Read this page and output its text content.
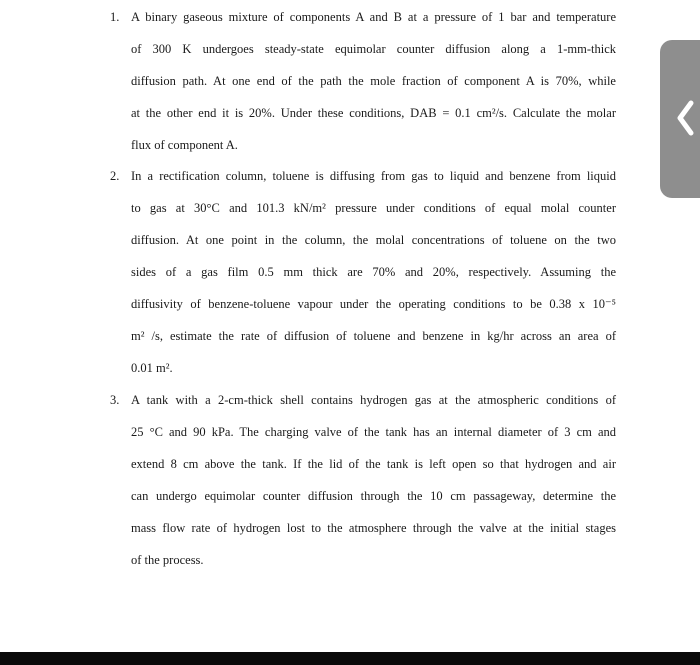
1. A binary gaseous mixture of components A and B at a pressure of 1 bar and temperature
of 300 K undergoes steady-state equimolar counter diffusion along a 1-mm-thick
diffusion path. At one end of the path the mole fraction of component A is 70%, while
at the other end it is 20%. Under these conditions, DAB = 0.1 cm²/s. Calculate the molar
flux of component A.
2. In a rectification column, toluene is diffusing from gas to liquid and benzene from liquid
to gas at 30°C and 101.3 kN/m² pressure under conditions of equal molal counter
diffusion. At one point in the column, the molal concentrations of toluene on the two
sides of a gas film 0.5 mm thick are 70% and 20%, respectively. Assuming the
diffusivity of benzene-toluene vapour under the operating conditions to be 0.38 x 10⁻⁵
m² /s, estimate the rate of diffusion of toluene and benzene in kg/hr across an area of
0.01 m².
3. A tank with a 2-cm-thick shell contains hydrogen gas at the atmospheric conditions of
25 °C and 90 kPa. The charging valve of the tank has an internal diameter of 3 cm and
extend 8 cm above the tank. If the lid of the tank is left open so that hydrogen and air
can undergo equimolar counter diffusion through the 10 cm passageway, determine the
mass flow rate of hydrogen lost to the atmosphere through the valve at the initial stages
of the process.
